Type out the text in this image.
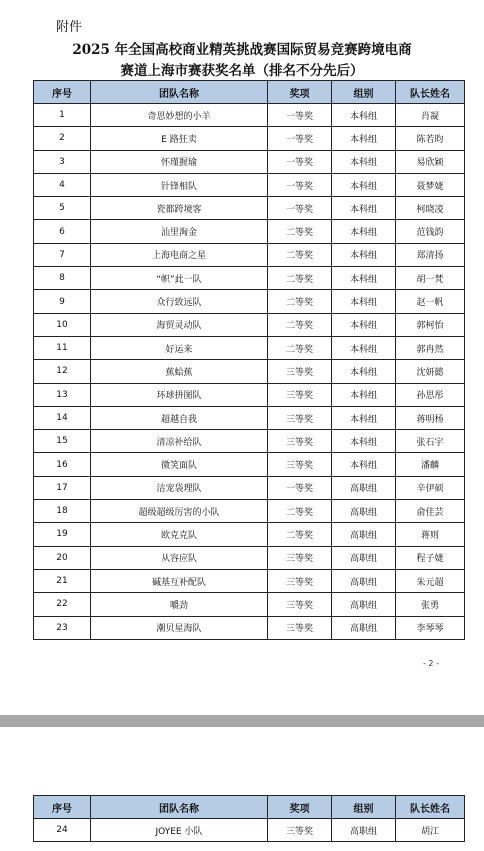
附件
2025 年全国高校商业精英挑战赛国际贸易竞赛跨境电商
赛道上海市赛获奖名单（排名不分先后）
序号	团队名称	奖项	组别	队长姓名
1	奇思妙想的小羊	一等奖	本科组	肖凝
2	E 路狂卖	一等奖	本科组	陈若昀
3	怀瑾握瑜	一等奖	本科组	易欣颖
4	针锋相队	一等奖	本科组	聂梦婕
5	瓷都跨境客	一等奖	本科组	柯晓凌
6	汕里淘金	二等奖	本科组	范钱韵
7	上海电商之星	二等奖	本科组	郑清扬
8	“帜”此一队	二等奖	本科组	胡一梵
9	众行致远队	二等奖	本科组	赵一帆
10	海贸灵动队	二等奖	本科组	郭柯怡
11	好运来	二等奖	本科组	郭冉然
12	蕉蛤蕉	三等奖	本科组	沈妍懿
13	环球拼图队	三等奖	本科组	孙思彤
14	超越自我	三等奖	本科组	蒋明杨
15	清凉补给队	三等奖	本科组	张石宇
16	微笑面队	三等奖	本科组	潘麟
17	洁宠袋理队	一等奖	高职组	辛伊硕
18	超级超级厉害的小队	二等奖	高职组	俞佳芸
19	欧克克队	二等奖	高职组	蒋则
20	从容应队	三等奖	高职组	程子婕
21	碱基互补配队	三等奖	高职组	朱元超
22	嚼劲	三等奖	高职组	张勇
23	潮贝星海队	三等奖	高职组	李琴琴
- 2 -
序号	团队名称	奖项	组别	队长姓名
24	JOYEE 小队	三等奖	高职组	胡江
